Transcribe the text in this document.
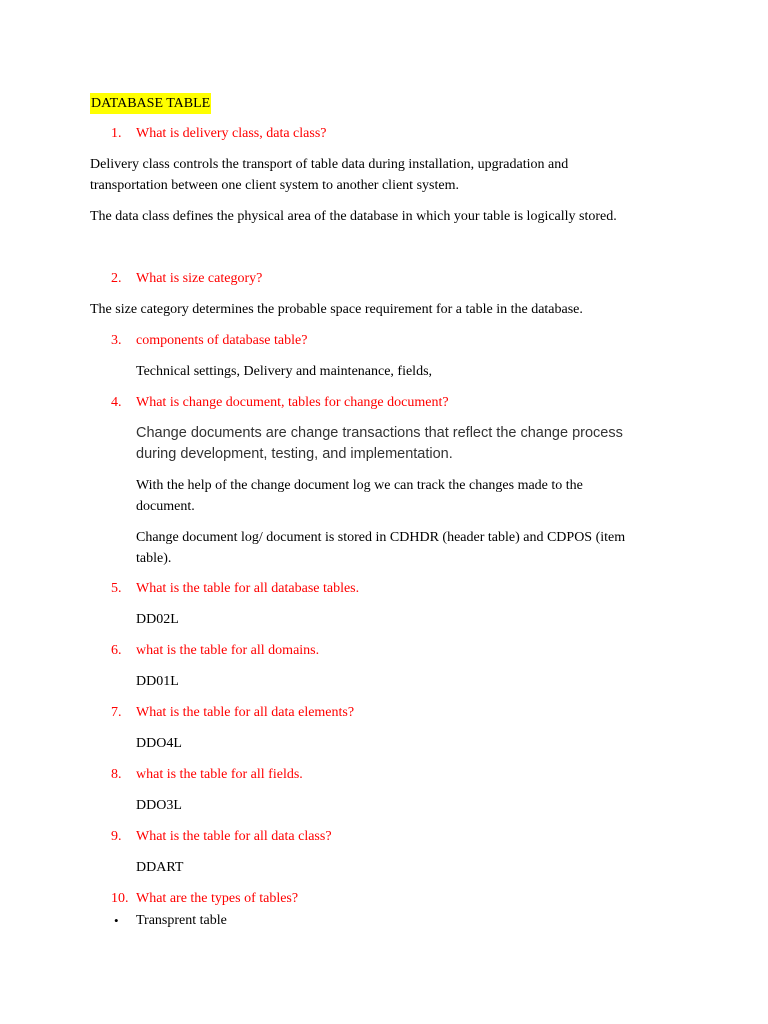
DATABASE TABLE
1. What is delivery class, data class?
Delivery class controls the transport of table data during installation, upgradation and
transportation between one client system to another client system.
The data class defines the physical area of the database in which your table is logically stored.
2. What is size category?
The size category determines the probable space requirement for a table in the database.
3. components of database table?
Technical settings, Delivery and maintenance, fields,
4. What is change document, tables for change document?
Change documents are change transactions that reflect the change process
during development, testing, and implementation.
With the help of the change document log we can track the changes made to the
document.
Change document log/ document is stored in CDHDR (header table) and CDPOS (item
table).
5. What is the table for all database tables.
DD02L
6. what is the table for all domains.
DD01L
7. What is the table for all data elements?
DDO4L
8. what is the table for all fields.
DDO3L
9. What is the table for all data class?
DDART
10. What are the types of tables?
• Transprent table
